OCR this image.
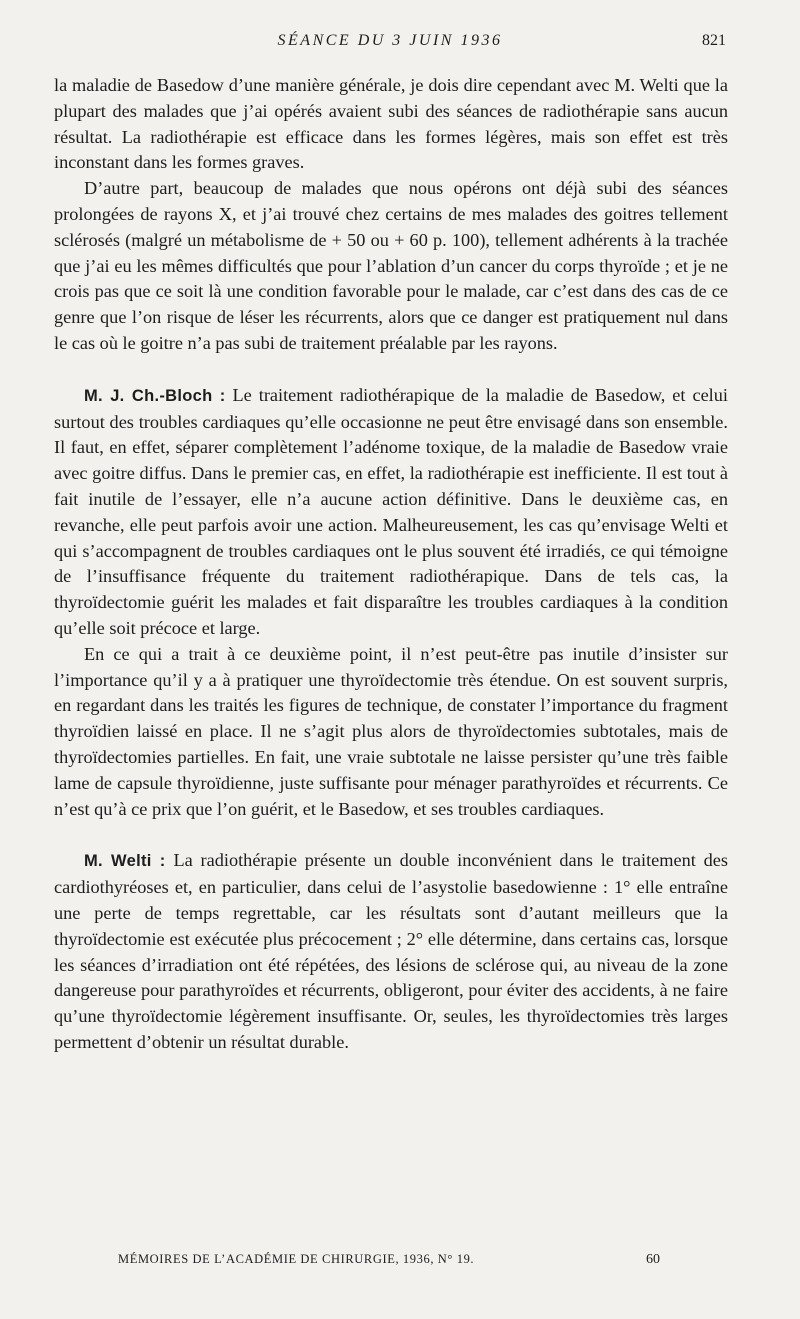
SÉANCE DU 3 JUIN 1936	821

la maladie de Basedow d’une manière générale, je dois dire cependant avec M. Welti que la plupart des malades que j’ai opérés avaient subi des séances de radiothérapie sans aucun résultat. La radiothérapie est efficace dans les formes légères, mais son effet est très inconstant dans les formes graves.

D’autre part, beaucoup de malades que nous opérons ont déjà subi des séances prolongées de rayons X, et j’ai trouvé chez certains de mes malades des goitres tellement sclérosés (malgré un métabolisme de + 50 ou + 60 p. 100), tellement adhérents à la trachée que j’ai eu les mêmes difficultés que pour l’ablation d’un cancer du corps thyroïde ; et je ne crois pas que ce soit là une condition favorable pour le malade, car c’est dans des cas de ce genre que l’on risque de léser les récurrents, alors que ce danger est pratiquement nul dans le cas où le goitre n’a pas subi de traitement préalable par les rayons.

M. J. Ch.-Bloch : Le traitement radiothérapique de la maladie de Basedow, et celui surtout des troubles cardiaques qu’elle occasionne ne peut être envisagé dans son ensemble. Il faut, en effet, séparer complètement l’adénome toxique, de la maladie de Basedow vraie avec goitre diffus. Dans le premier cas, en effet, la radiothérapie est inefficiente. Il est tout à fait inutile de l’essayer, elle n’a aucune action définitive. Dans le deuxième cas, en revanche, elle peut parfois avoir une action. Malheureusement, les cas qu’envisage Welti et qui s’accompagnent de troubles cardiaques ont le plus souvent été irradiés, ce qui témoigne de l’insuffisance fréquente du traitement radiothérapique. Dans de tels cas, la thyroïdectomie guérit les malades et fait disparaître les troubles cardiaques à la condition qu’elle soit précoce et large.

En ce qui a trait à ce deuxième point, il n’est peut-être pas inutile d’insister sur l’importance qu’il y a à pratiquer une thyroïdectomie très étendue. On est souvent surpris, en regardant dans les traités les figures de technique, de constater l’importance du fragment thyroïdien laissé en place. Il ne s’agit plus alors de thyroïdectomies subtotales, mais de thyroïdectomies partielles. En fait, une vraie subtotale ne laisse persister qu’une très faible lame de capsule thyroïdienne, juste suffisante pour ménager parathyroïdes et récurrents. Ce n’est qu’à ce prix que l’on guérit, et le Basedow, et ses troubles cardiaques.

M. Welti : La radiothérapie présente un double inconvénient dans le traitement des cardiothyréoses et, en particulier, dans celui de l’asystolie basedowienne : 1° elle entraîne une perte de temps regrettable, car les résultats sont d’autant meilleurs que la thyroïdectomie est exécutée plus précocement ; 2° elle détermine, dans certains cas, lorsque les séances d’irradiation ont été répétées, des lésions de sclérose qui, au niveau de la zone dangereuse pour parathyroïdes et récurrents, obligeront, pour éviter des accidents, à ne faire qu’une thyroïdectomie légèrement insuffisante. Or, seules, les thyroïdectomies très larges permettent d’obtenir un résultat durable.

MÉMOIRES DE L’ACADÉMIE DE CHIRURGIE, 1936, N° 19.	60
